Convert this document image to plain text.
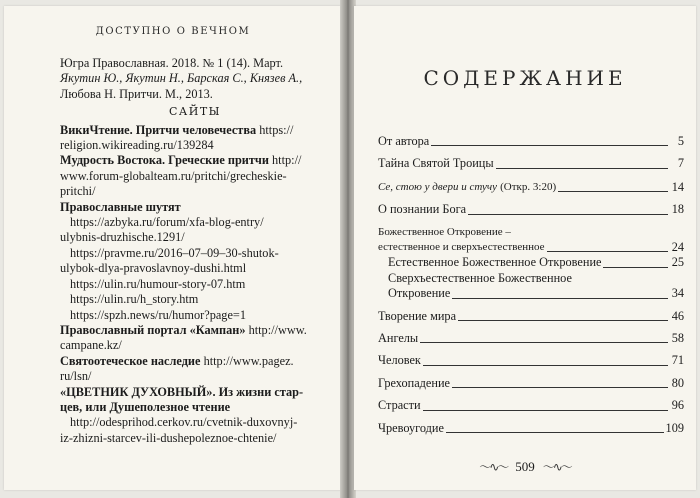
ДОСТУПНО О ВЕЧНОМ

Югра Православная. 2018. № 1 (14). Март.

Якутин Ю., Якутин Н., Барская С., Князев А.,

Любова Н. Притчи. М., 2013.

САЙТЫ

ВикиЧтение. Притчи человечества https://

religion.wikireading.ru/139284

Мудрость Востока. Греческие притчи http://

www.forum-globalteam.ru/pritchi/grecheskie-

pritchi/

Православные шутят

https://azbyka.ru/forum/xfa-blog-entry/

ulybnis-druzhische.1291/

https://pravme.ru/2016–07–09–30-shutok-

ulybok-dlya-pravoslavnoy-dushi.html

https://ulin.ru/humour-story-07.htm

https://ulin.ru/h_story.htm

https://spzh.news/ru/humor?page=1

Православный портал «Кампан» http://www.

campane.kz/

Святоотеческое наследие http://www.pagez.

ru/lsn/

«ЦВЕТНИК ДУХОВНЫЙ». Из жизни стар-

цев, или Душеполезное чтение

http://odesprihod.cerkov.ru/cvetnik-duxovnyj-

iz-zhizni-starcev-ili-dushepoleznoe-chtenie/

СОДЕРЖАНИЕ
От автора	5
Тайна Святой Троицы	7
Се, стою у двери и стучу (Откр. 3:20)	14
О познании Бога	18
Божественное Откровение –
естественное и сверхъестественное	24
Естественное Божественное Откровение	25
Сверхъестественное Божественное
Откровение	34
Творение мира	46
Ангелы	58
Человек	71
Грехопадение	80
Страсти	96
Чревоугодие	109
〜∿〜 509 〜∿〜
